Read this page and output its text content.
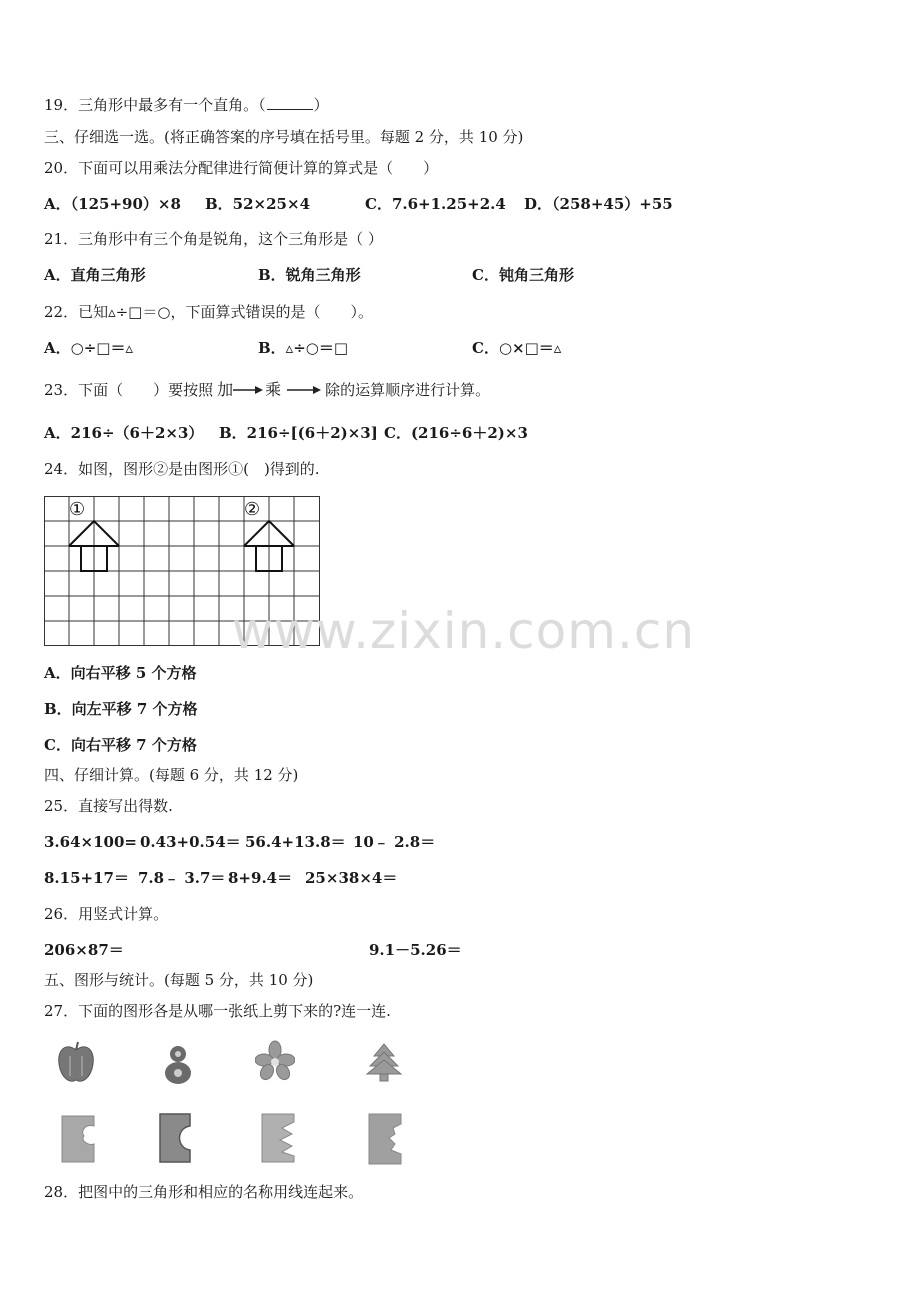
19．三角形中最多有一个直角。（	）
三、仔细选一选。(将正确答案的序号填在括号里。每题 2 分，共 10 分)
20．下面可以用乘法分配律进行简便计算的算式是（　　）
A．（125+90）×8 B．52×25×4	C．7.6+1.25+2.4 D．（258+45）+55
21．三角形中有三个角是锐角，这个三角形是（ ）
A．直角三角形	B．锐角三角形	C．钝角三角形
22．已知▵÷□＝○，下面算式错误的是（　　）。
A．○÷□＝▵	B．▵÷○＝□	C．○×□＝▵
23．下面（　　）要按照 加 乘	除 的运算顺序进行计算。
A．216÷（6＋2×3） B．216÷[(6＋2)×3] C．(216÷6＋2)×3
24．如图，图形②是由图形①(　)得到的.
①	②
A．向右平移 5 个方格
B．向左平移 7 个方格
C．向右平移 7 个方格
四、仔细计算。(每题 6 分，共 12 分)
25．直接写出得数.
3.64×100= 0.43+0.54＝ 56.4+13.8＝ 10﹣ 2.8＝
8.15+17＝ 7.8﹣ 3.7＝ 8+9.4＝ 25×38×4＝
26．用竖式计算。
206×87＝	9.1－5.26＝
五、图形与统计。(每题 5 分，共 10 分)
27．下面的图形各是从哪一张纸上剪下来的?连一连.
28．把图中的三角形和相应的名称用线连起来。
www.zixin.com.cn
